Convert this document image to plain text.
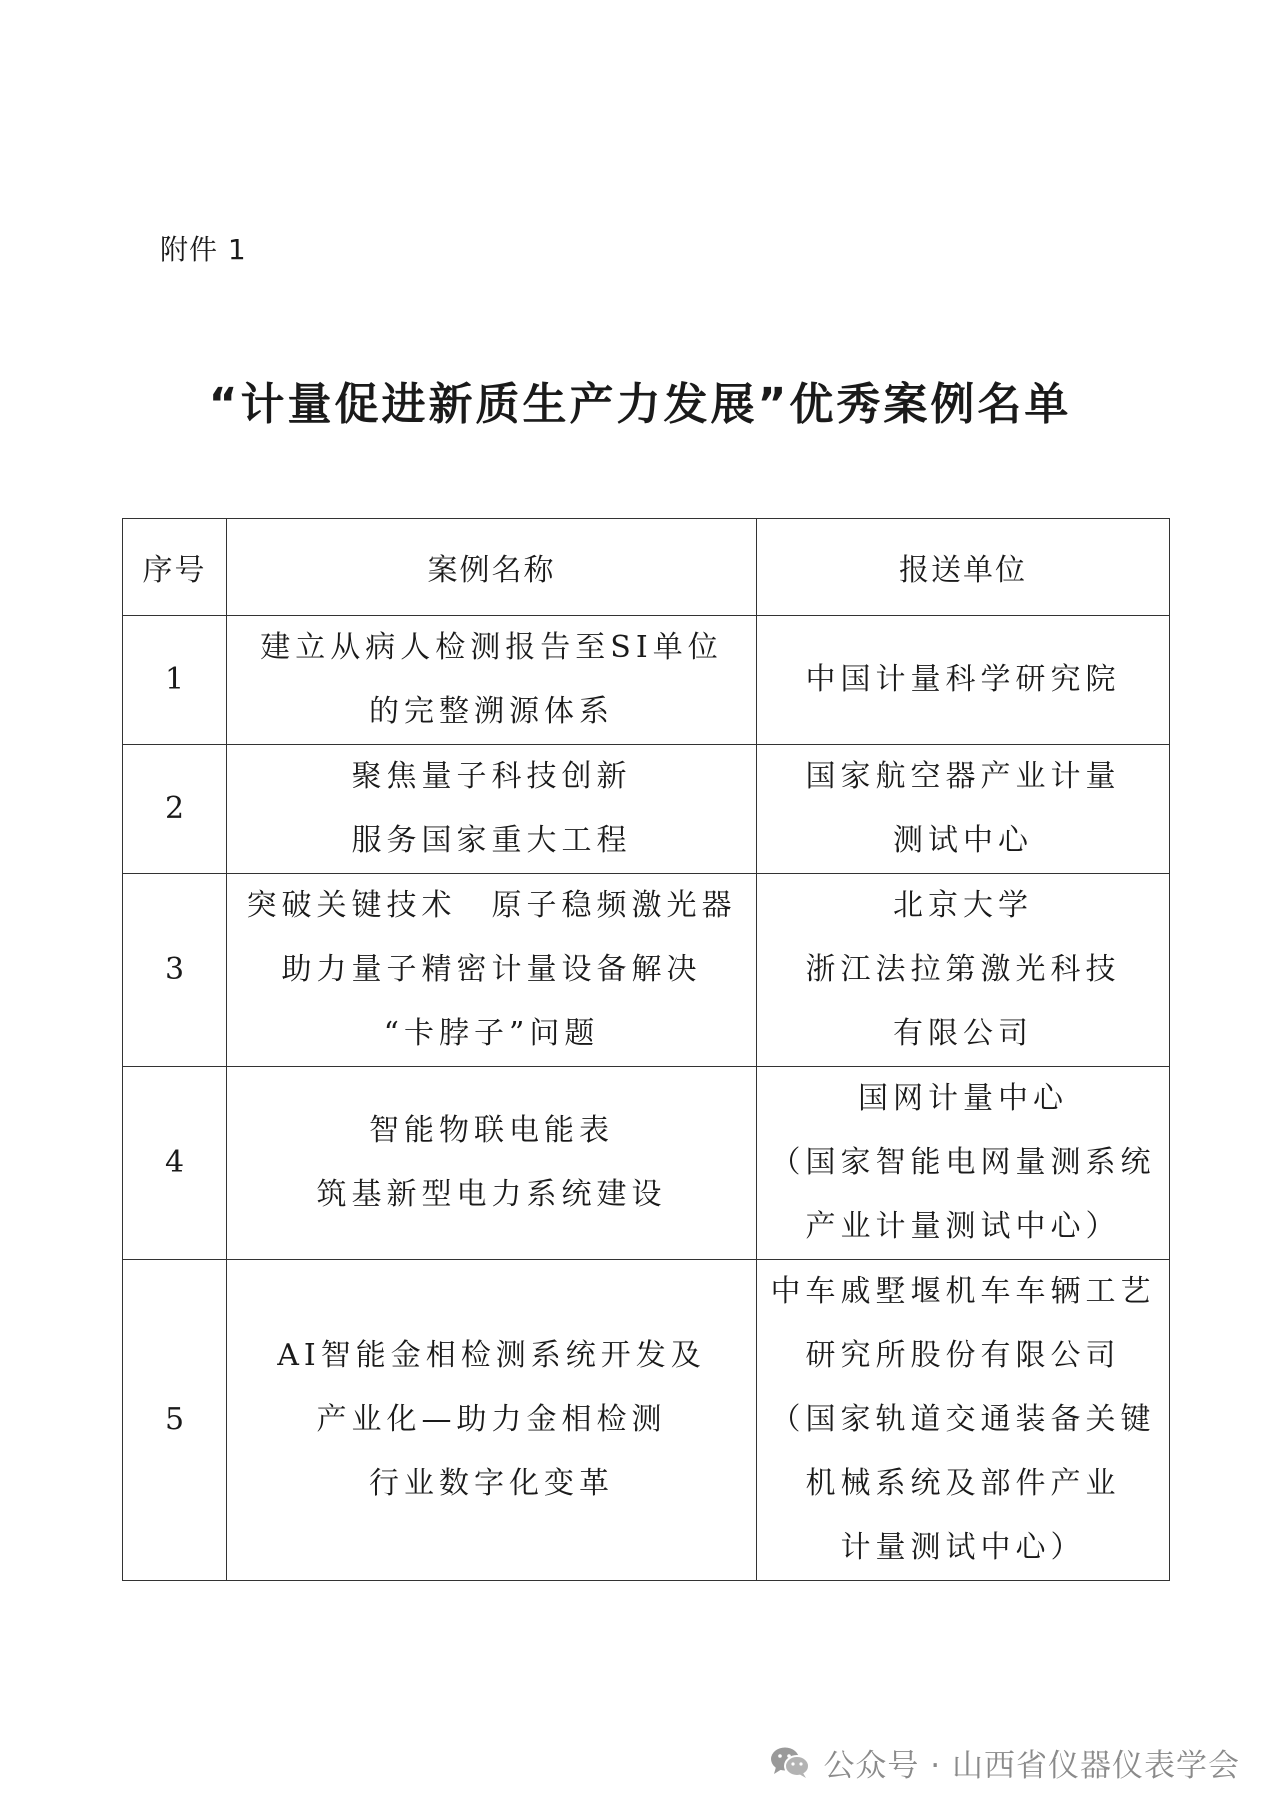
附件 1
“计量促进新质生产力发展”优秀案例名单
序号	案例名称	报送单位
1	建立从病人检测报告至SI单位
的完整溯源体系	中国计量科学研究院

2	聚焦量子科技创新
服务国家重大工程	国家航空器产业计量
测试中心

3	突破关键技术　原子稳频激光器
助力量子精密计量设备解决
“卡脖子”问题	北京大学
浙江法拉第激光科技
有限公司

4	智能物联电能表
筑基新型电力系统建设	国网计量中心
（国家智能电网量测系统
产业计量测试中心）

5	AI智能金相检测系统开发及
产业化—助力金相检测
行业数字化变革	中车戚墅堰机车车辆工艺
研究所股份有限公司
（国家轨道交通装备关键
机械系统及部件产业
计量测试中心）
公众号 · 山西省仪器仪表学会
